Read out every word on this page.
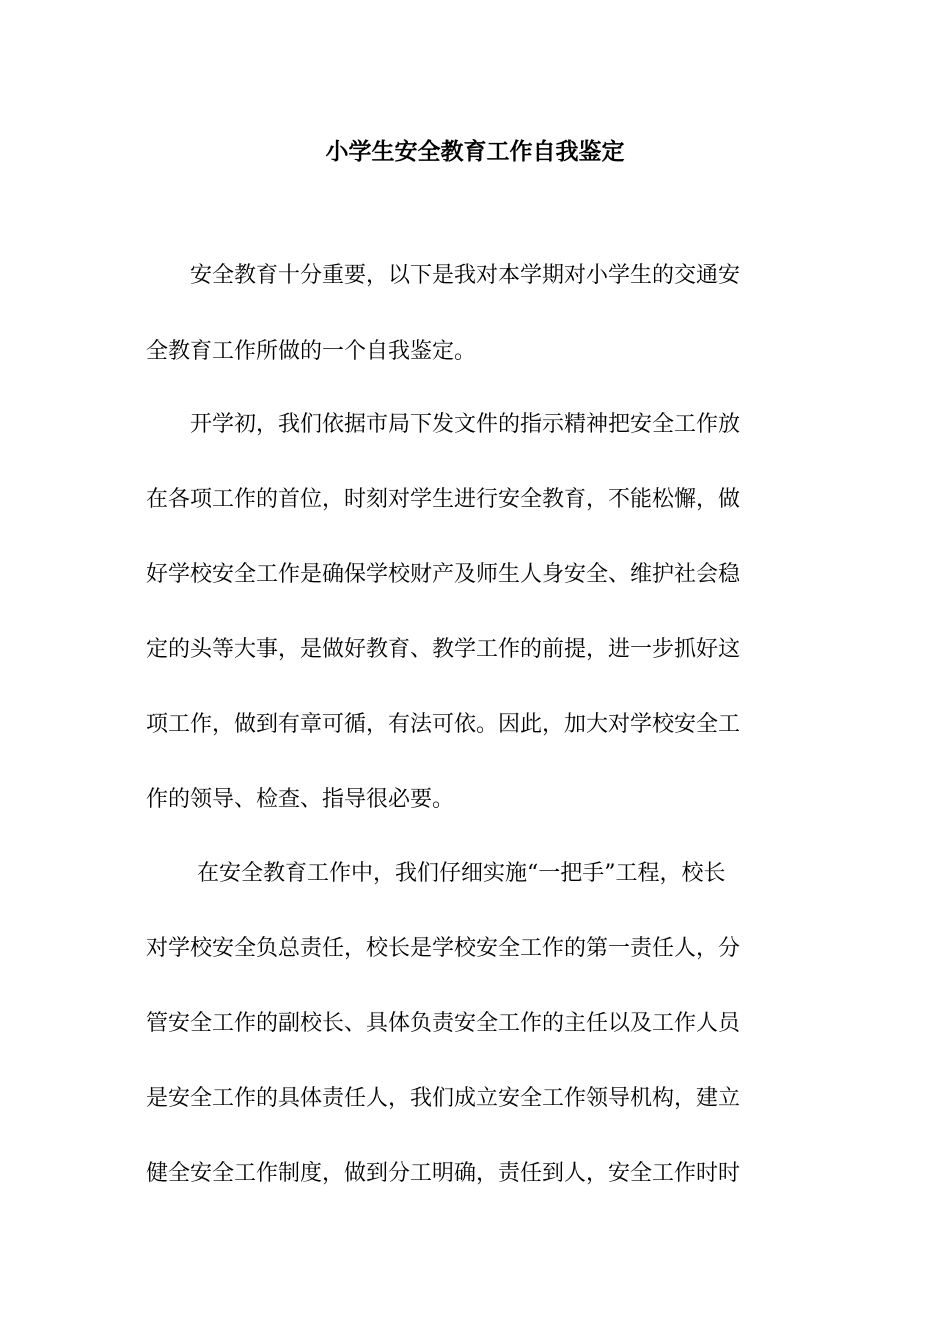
小学生安全教育工作自我鉴定

　　安全教育十分重要，以下是我对本学期对小学生的交通安

全教育工作所做的一个自我鉴定。

　　开学初，我们依据市局下发文件的指示精神把安全工作放

在各项工作的首位，时刻对学生进行安全教育，不能松懈，做

好学校安全工作是确保学校财产及师生人身安全、维护社会稳

定的头等大事，是做好教育、教学工作的前提，进一步抓好这

项工作，做到有章可循，有法可依。因此，加大对学校安全工

作的领导、检查、指导很必要。

　　 在安全教育工作中，我们仔细实施“一把手”工程，校长

对学校安全负总责任，校长是学校安全工作的第一责任人，分

管安全工作的副校长、具体负责安全工作的主任以及工作人员

是安全工作的具体责任人，我们成立安全工作领导机构，建立

健全安全工作制度，做到分工明确，责任到人，安全工作时时
